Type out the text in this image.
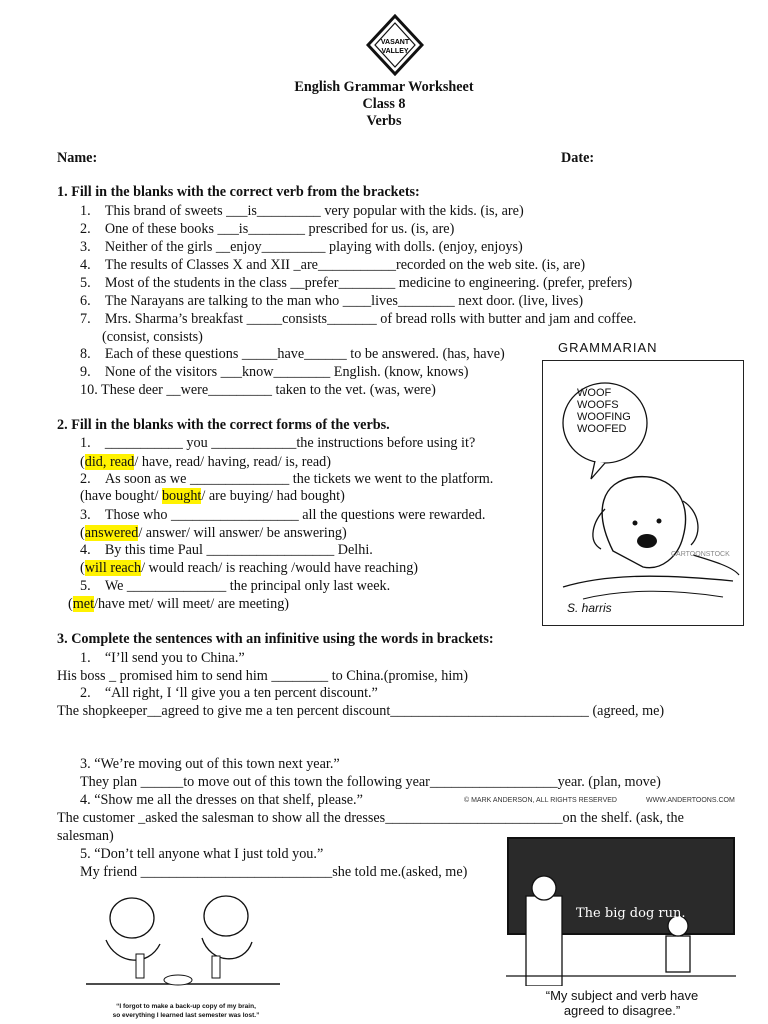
VASANT
VALLEY
English Grammar Worksheet
Class 8
Verbs
Name:	Date:
1. Fill in the blanks with the correct verb from the brackets:
1. This brand of sweets ___is_________ very popular with the kids. (is, are)
2. One of these books ___is________ prescribed for us. (is, are)
3. Neither of the girls __enjoy_________ playing with dolls. (enjoy, enjoys)
4. The results of Classes X and XII _are___________recorded on the web site. (is, are)
5. Most of the students in the class __prefer________ medicine to engineering. (prefer, prefers)
6. The Narayans are talking to the man who ____lives________ next door. (live, lives)
7. Mrs. Sharma’s breakfast _____consists_______ of bread rolls with butter and jam and coffee.
(consist, consists)
8. Each of these questions _____have______ to be answered. (has, have)
9. None of the visitors ___know________ English. (know, knows)
10. These deer __were_________ taken to the vet. (was, were)
2. Fill in the blanks with the correct forms of the verbs.
1. ___________ you ____________the instructions before using it?
(did, read/ have, read/ having, read/ is, read)
2. As soon as we ______________ the tickets we went to the platform.
(have bought/ bought/ are buying/ had bought)
3. Those who __________________ all the questions were rewarded.
(answered/ answer/ will answer/ be answering)
4. By this time Paul __________________ Delhi.
(will reach/ would reach/ is reaching /would have reaching)
5. We ______________ the principal only last week.
(met/have met/ will meet/ are meeting)
3. Complete the sentences with an infinitive using the words in brackets:
1. “I’ll send you to China.”
His boss _ promised him to send him ________ to China.(promise, him)
2. “All right, I ‘ll give you a ten percent discount.”
The shopkeeper__agreed to give me a ten percent discount____________________________ (agreed, me)
3. “We’re moving out of this town next year.”
They plan ______to move out of this town the following year__________________year. (plan, move)
4. “Show me all the dresses on that shelf, please.”
The customer _asked the salesman to show all the dresses_________________________on the shelf. (ask, the
salesman)
5. “Don’t tell anyone what I just told you.”
My friend ___________________________she told me.(asked, me)
GRAMMARIAN
WOOF
WOOFS
WOOFING
WOOFED
CARTOONSTOCK
S. harris
© MARK ANDERSON, ALL RIGHTS RESERVED	WWW.ANDERTOONS.COM
The big dog run.
“My subject and verb have
agreed to disagree.”
“I forgot to make a back-up copy of my brain,
so everything I learned last semester was lost.”
